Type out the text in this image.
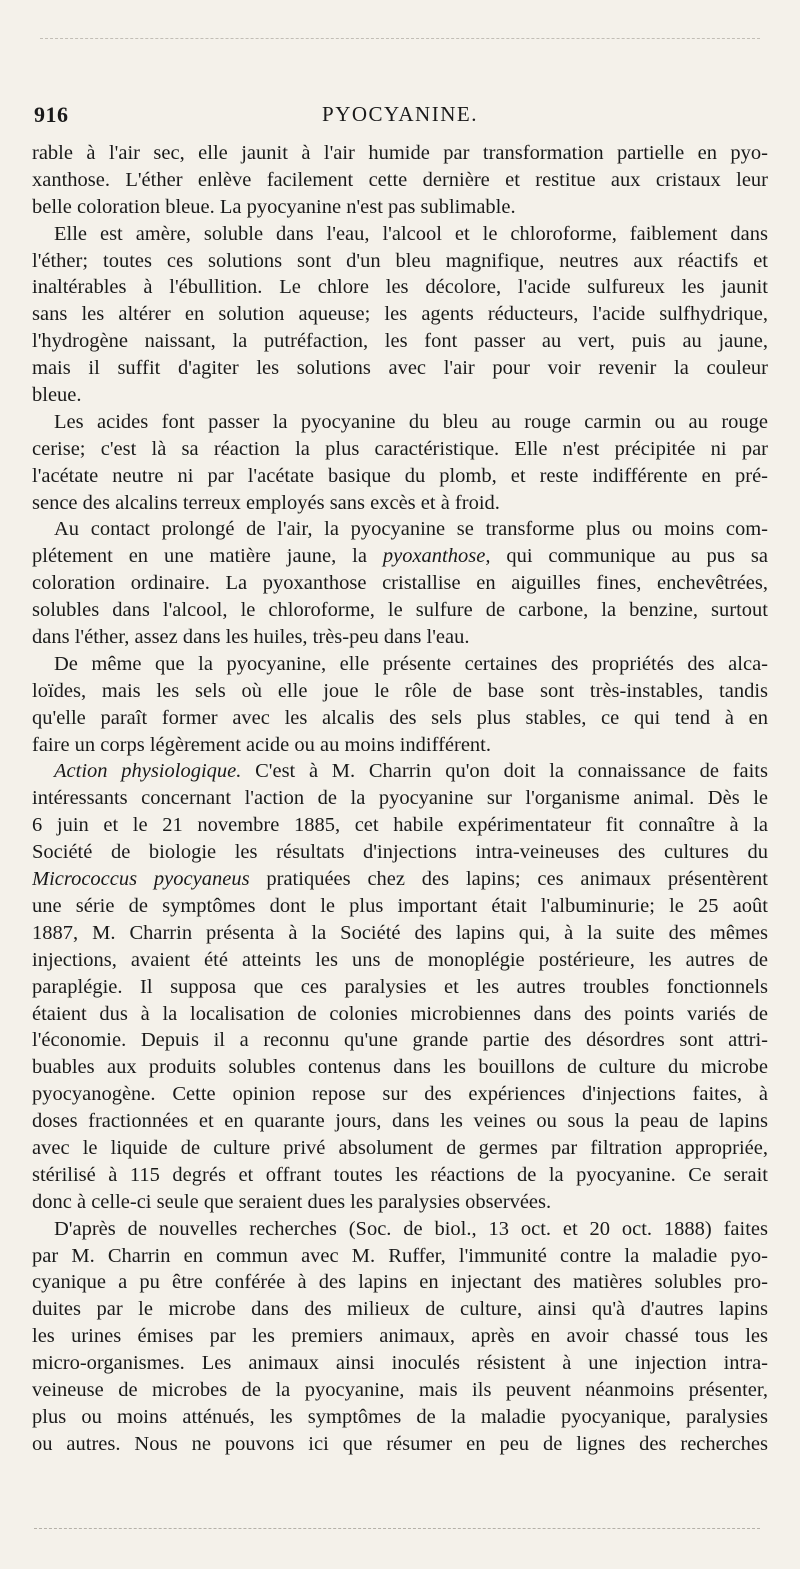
916	PYOCYANINE.
rable à l'air sec, elle jaunit à l'air humide par transformation partielle en pyo-
xanthose. L'éther enlève facilement cette dernière et restitue aux cristaux leur
belle coloration bleue. La pyocyanine n'est pas sublimable.
Elle est amère, soluble dans l'eau, l'alcool et le chloroforme, faiblement dans
l'éther; toutes ces solutions sont d'un bleu magnifique, neutres aux réactifs et
inaltérables à l'ébullition. Le chlore les décolore, l'acide sulfureux les jaunit
sans les altérer en solution aqueuse; les agents réducteurs, l'acide sulfhydrique,
l'hydrogène naissant, la putréfaction, les font passer au vert, puis au jaune,
mais il suffit d'agiter les solutions avec l'air pour voir revenir la couleur
bleue.
Les acides font passer la pyocyanine du bleu au rouge carmin ou au rouge
cerise; c'est là sa réaction la plus caractéristique. Elle n'est précipitée ni par
l'acétate neutre ni par l'acétate basique du plomb, et reste indifférente en pré-
sence des alcalins terreux employés sans excès et à froid.
Au contact prolongé de l'air, la pyocyanine se transforme plus ou moins com-
plétement en une matière jaune, la pyoxanthose, qui communique au pus sa
coloration ordinaire. La pyoxanthose cristallise en aiguilles fines, enchevêtrées,
solubles dans l'alcool, le chloroforme, le sulfure de carbone, la benzine, surtout
dans l'éther, assez dans les huiles, très-peu dans l'eau.
De même que la pyocyanine, elle présente certaines des propriétés des alca-
loïdes, mais les sels où elle joue le rôle de base sont très-instables, tandis
qu'elle paraît former avec les alcalis des sels plus stables, ce qui tend à en
faire un corps légèrement acide ou au moins indifférent.
Action physiologique. C'est à M. Charrin qu'on doit la connaissance de faits
intéressants concernant l'action de la pyocyanine sur l'organisme animal. Dès le
6 juin et le 21 novembre 1885, cet habile expérimentateur fit connaître à la
Société de biologie les résultats d'injections intra-veineuses des cultures du
Micrococcus pyocyaneus pratiquées chez des lapins; ces animaux présentèrent
une série de symptômes dont le plus important était l'albuminurie; le 25 août
1887, M. Charrin présenta à la Société des lapins qui, à la suite des mêmes
injections, avaient été atteints les uns de monoplégie postérieure, les autres de
paraplégie. Il supposa que ces paralysies et les autres troubles fonctionnels
étaient dus à la localisation de colonies microbiennes dans des points variés de
l'économie. Depuis il a reconnu qu'une grande partie des désordres sont attri-
buables aux produits solubles contenus dans les bouillons de culture du microbe
pyocyanogène. Cette opinion repose sur des expériences d'injections faites, à
doses fractionnées et en quarante jours, dans les veines ou sous la peau de lapins
avec le liquide de culture privé absolument de germes par filtration appropriée,
stérilisé à 115 degrés et offrant toutes les réactions de la pyocyanine. Ce serait
donc à celle-ci seule que seraient dues les paralysies observées.
D'après de nouvelles recherches (Soc. de biol., 13 oct. et 20 oct. 1888) faites
par M. Charrin en commun avec M. Ruffer, l'immunité contre la maladie pyo-
cyanique a pu être conférée à des lapins en injectant des matières solubles pro-
duites par le microbe dans des milieux de culture, ainsi qu'à d'autres lapins
les urines émises par les premiers animaux, après en avoir chassé tous les
micro-organismes. Les animaux ainsi inoculés résistent à une injection intra-
veineuse de microbes de la pyocyanine, mais ils peuvent néanmoins présenter,
plus ou moins atténués, les symptômes de la maladie pyocyanique, paralysies
ou autres. Nous ne pouvons ici que résumer en peu de lignes des recherches
